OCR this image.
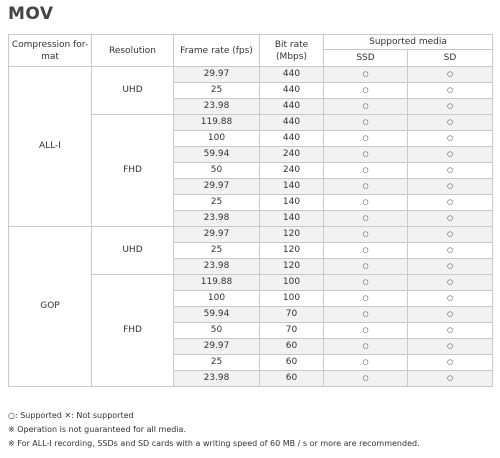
MOV
Compression for-mat	Resolution	Frame rate (fps)	Bit rate (Mbps)	Supported media	
				SSD	SD
ALL-I	UHD	29.97	440	○	○
		25	440	○	○
		23.98	440	○	○
	FHD	119.88	440	○	○
		100	440	○	○
		59.94	240	○	○
		50	240	○	○
		29.97	140	○	○
		25	140	○	○
		23.98	140	○	○
GOP	UHD	29.97	120	○	○
		25	120	○	○
		23.98	120	○	○
	FHD	119.88	100	○	○
		100	100	○	○
		59.94	70	○	○
		50	70	○	○
		29.97	60	○	○
		25	60	○	○
		23.98	60	○	○
○: Supported ✕: Not supported
※ Operation is not guaranteed for all media.
※ For ALL-I recording, SSDs and SD cards with a writing speed of 60 MB / s or more are recommended.
